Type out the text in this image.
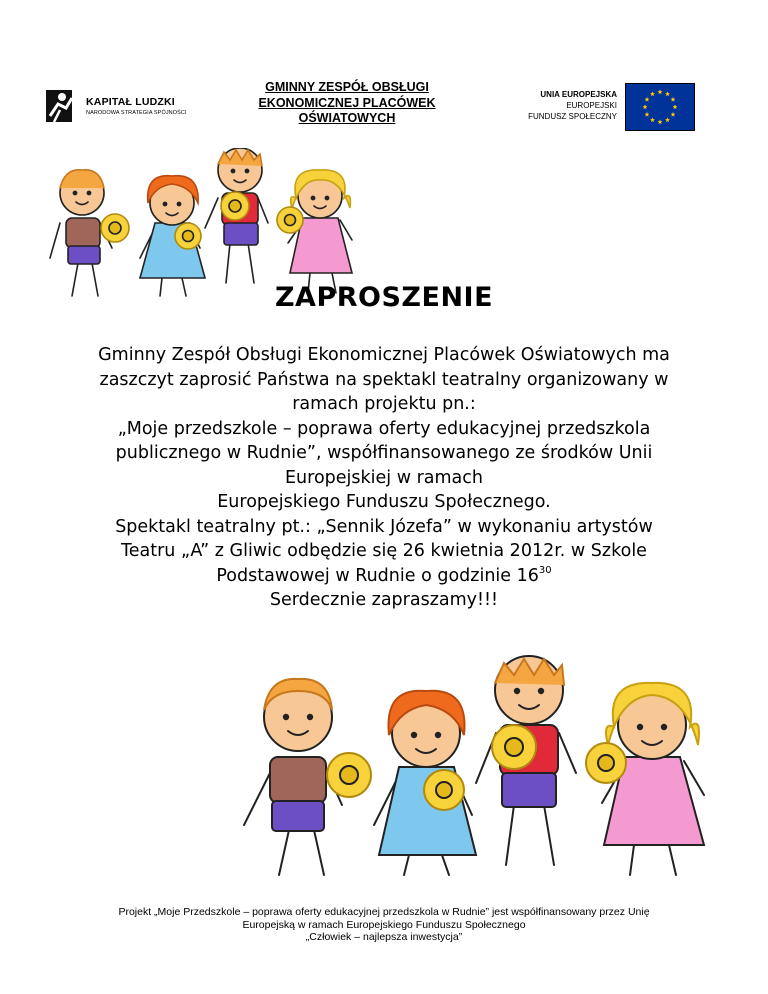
KAPITAŁ LUDZKI
NARODOWA STRATEGIA SPÓJNOŚCI
GMINNY ZESPÓŁ OBSŁUGI
EKONOMICZNEJ PLACÓWEK
OŚWIATOWYCH
UNIA EUROPEJSKA
EUROPEJSKI
FUNDUSZ SPOŁECZNY
ZAPROSZENIE

Gminny Zespół Obsługi Ekonomicznej Placówek Oświatowych ma

zaszczyt zaprosić Państwa na spektakl teatralny organizowany w

ramach projektu pn.:

„Moje przedszkole – poprawa oferty edukacyjnej przedszkola

publicznego w Rudnie”, współfinansowanego ze środków Unii

Europejskiej w ramach

Europejskiego Funduszu Społecznego.

Spektakl teatralny pt.: „Sennik Józefa” w wykonaniu artystów

Teatru „A” z Gliwic odbędzie się 26 kwietnia 2012r. w Szkole

Podstawowej w Rudnie o godzinie $16^{30}$

Serdecznie zapraszamy!!!

Projekt „Moje Przedszkole – poprawa oferty edukacyjnej przedszkola w Rudnie” jest współfinansowany przez Unię

Europejską w ramach Europejskiego Funduszu Społecznego

„Człowiek – najlepsza inwestycja”
